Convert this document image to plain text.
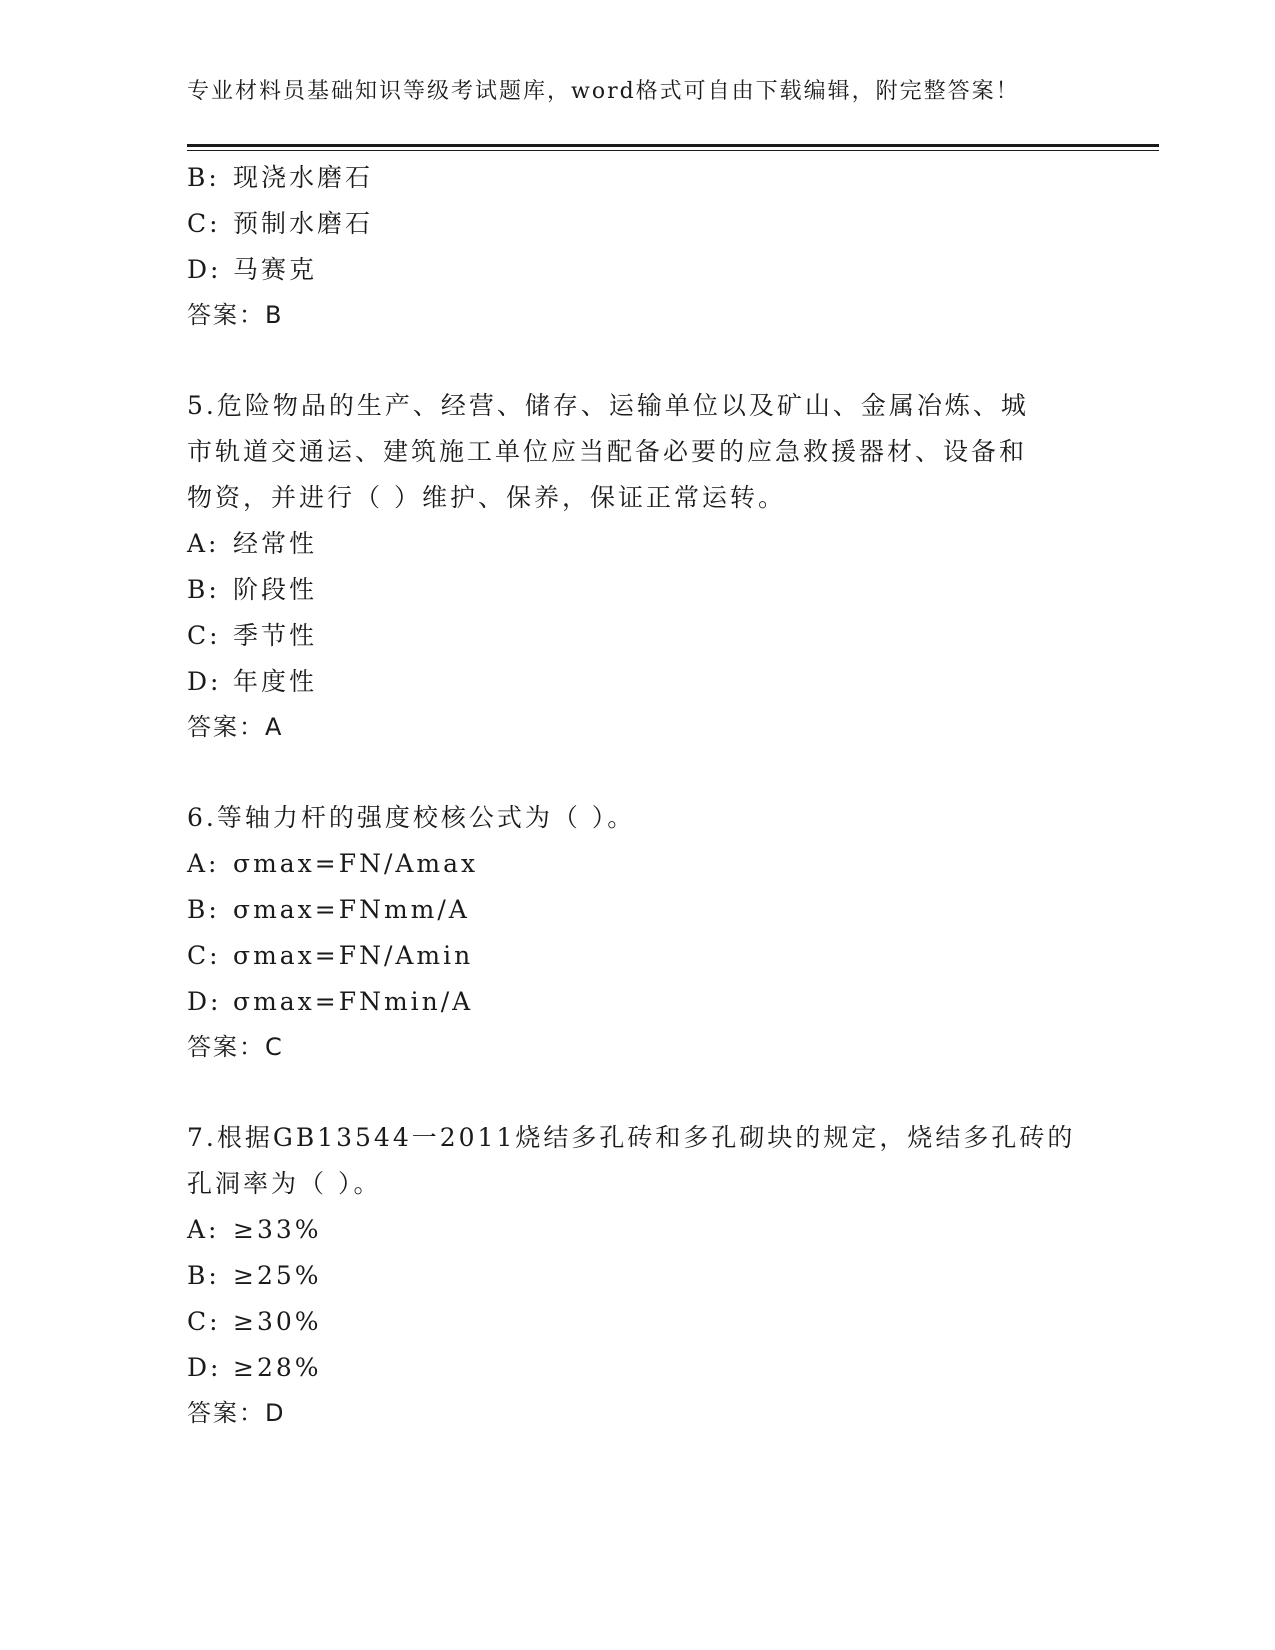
专业材料员基础知识等级考试题库，word格式可自由下载编辑，附完整答案！
B: 现浇水磨石
C: 预制水磨石
D: 马赛克
答案：B
5.危险物品的生产、经营、储存、运输单位以及矿山、金属冶炼、城
市轨道交通运、建筑施工单位应当配备必要的应急救援器材、设备和
物资，并进行（ ）维护、保养，保证正常运转。
A: 经常性
B: 阶段性
C: 季节性
D: 年度性
答案：A
6.等轴力杆的强度校核公式为（ ）。
A: σmax=FN/Amax
B: σmax=FNmm/A
C: σmax=FN/Amin
D: σmax=FNmin/A
答案：C
7.根据GB13544一2011烧结多孔砖和多孔砌块的规定，烧结多孔砖的
孔洞率为（ ）。
A: ≥33%
B: ≥25%
C: ≥30%
D: ≥28%
答案：D
